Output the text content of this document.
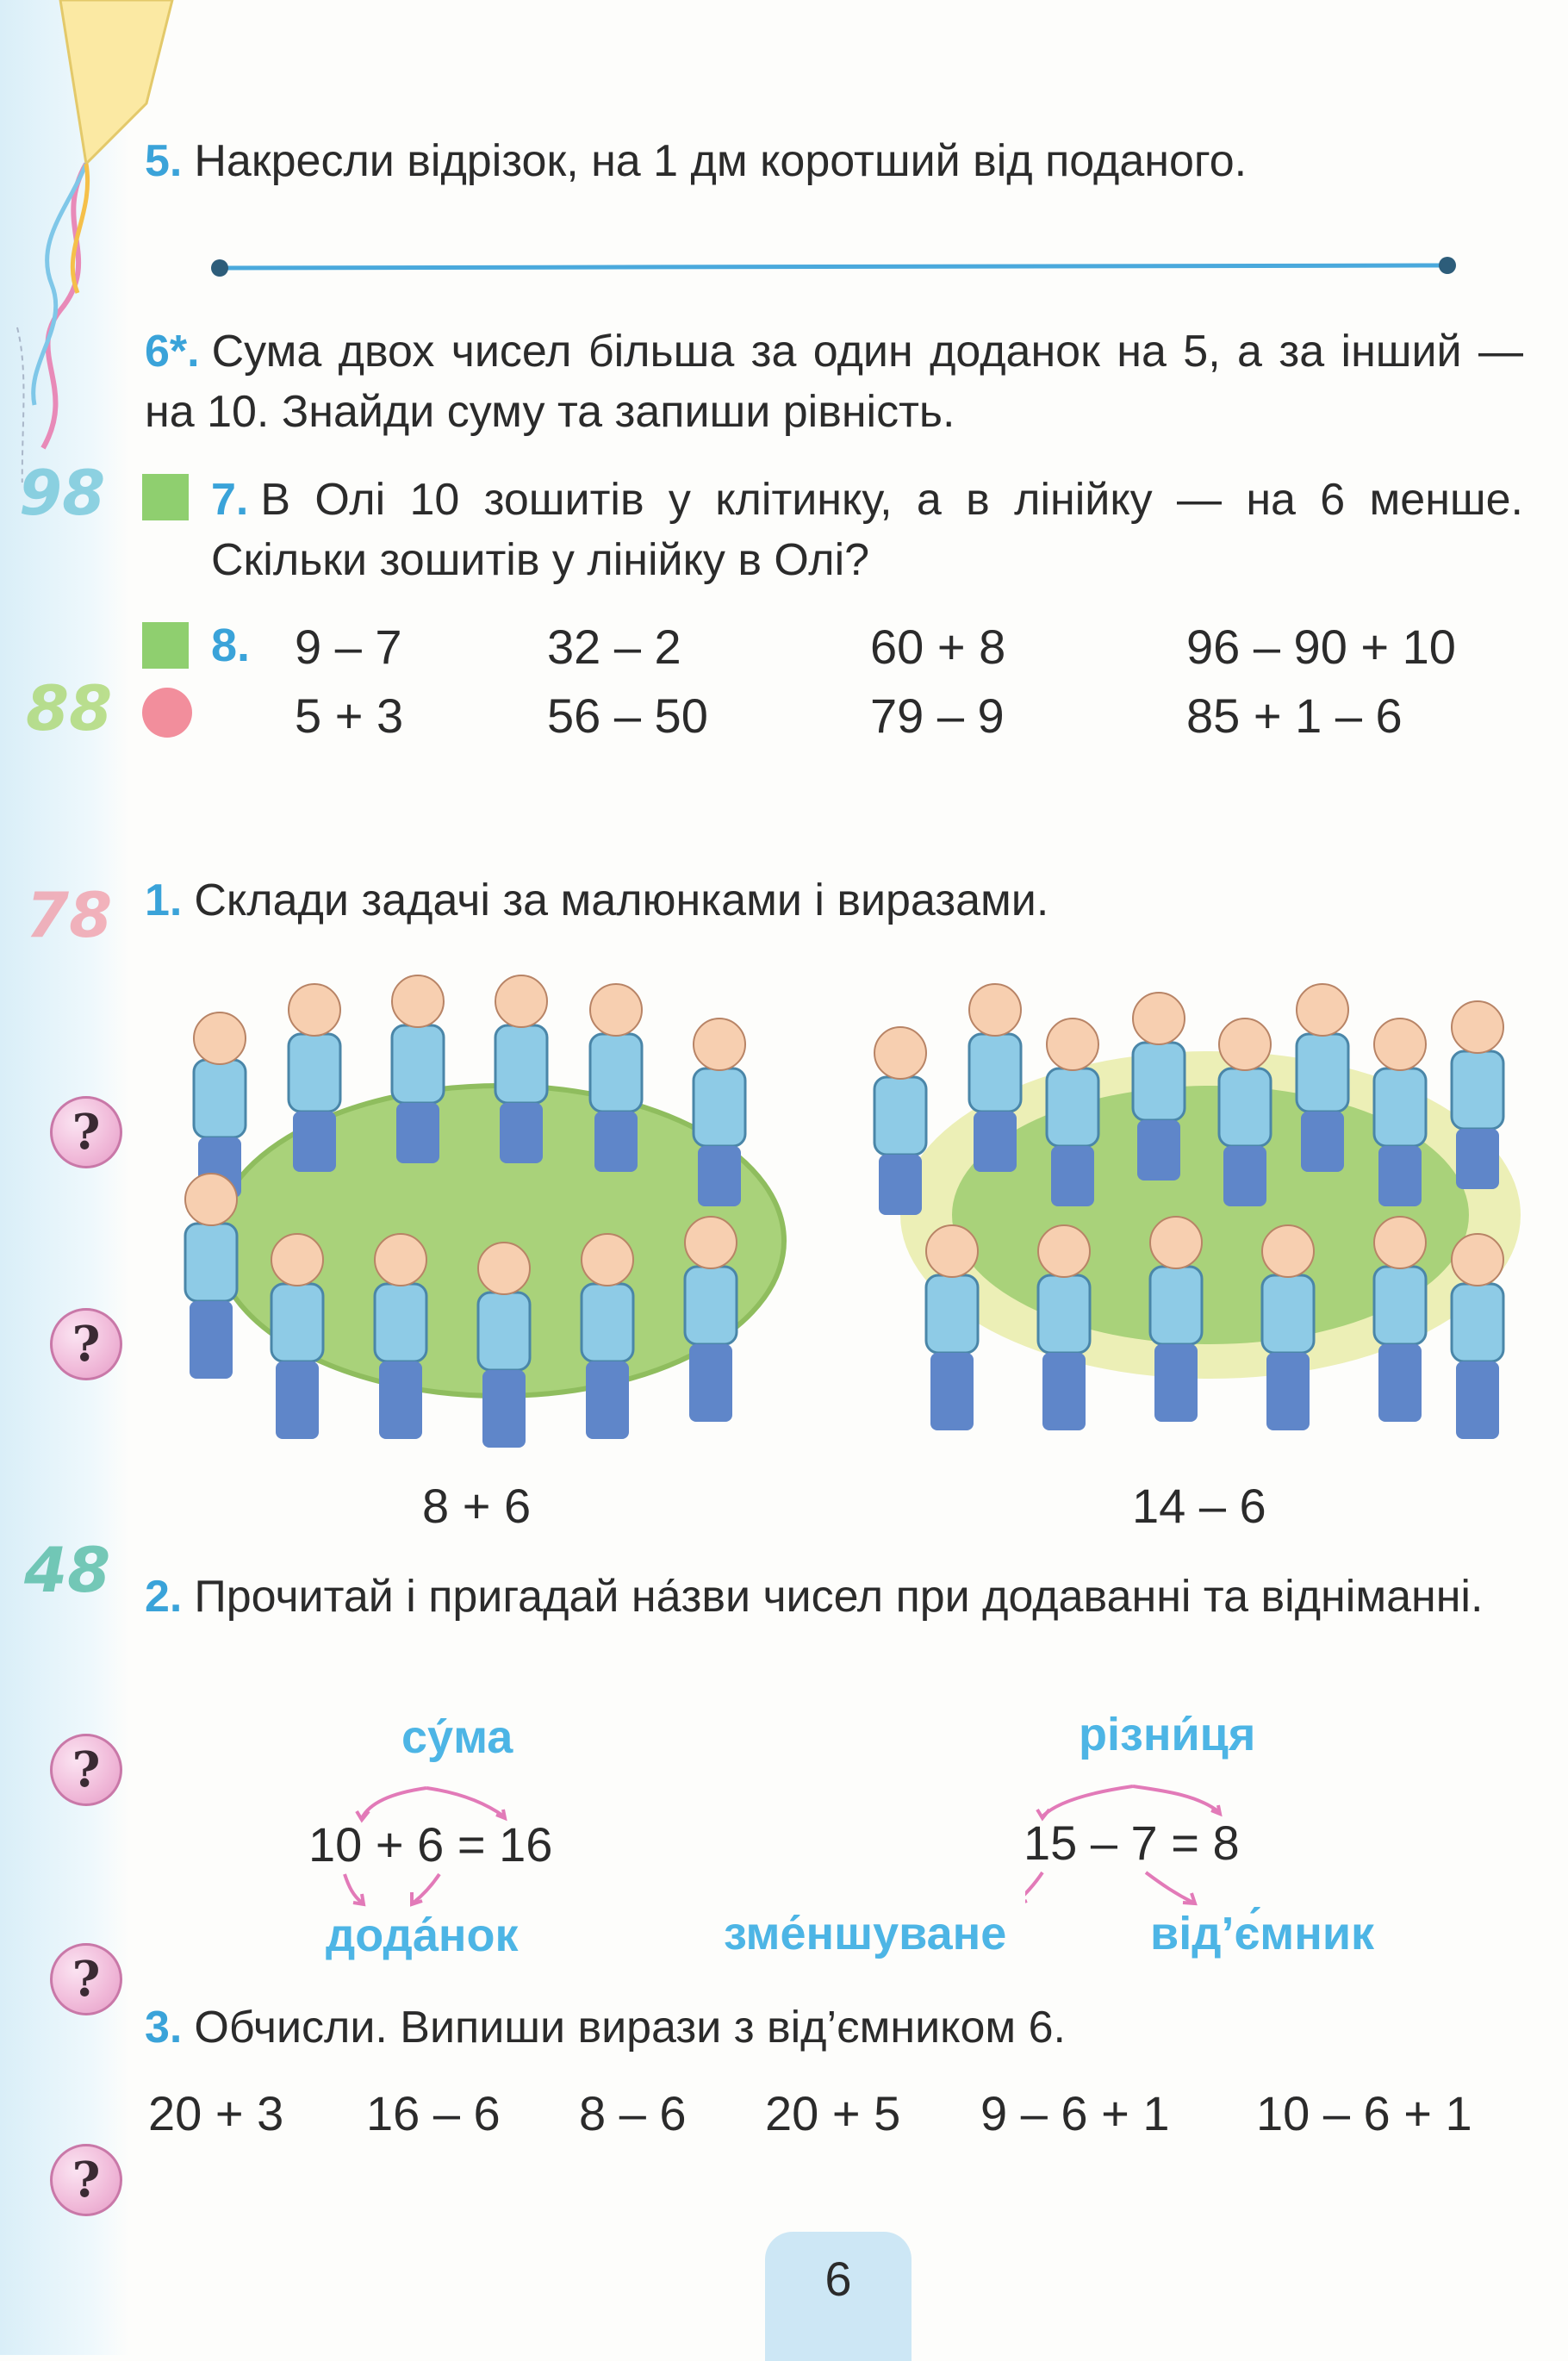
98
88
78
48
?
?
?
?
?
5. Накресли відрізок, на 1 дм коротший від поданого.
6*. Сума двох чисел більша за один доданок на 5, а за інший — на 10. Знайди суму та запиши рівність.
7. В Олі 10 зошитів у клітинку, а в лінійку — на 6 менше. Скільки зошитів у лінійку в Олі?
8. 9 – 7	32 – 2	60 + 8	96 – 90 + 10
5 + 3	56 – 50	79 – 9	85 + 1 – 6
1. Склади задачі за малюнками і виразами.
8 + 6	14 – 6
2. Прочитай і пригадай на́зви чисел при додаванні та відніманні.
су́ма
10 + 6 = 16
дода́нок
різни́ця
15 – 7 = 8
зме́ншуване	від’є́мник
3. Обчисли. Випиши вирази з від’ємником 6.
20 + 3 16 – 6 8 – 6 20 + 5 9 – 6 + 1 10 – 6 + 1
6
